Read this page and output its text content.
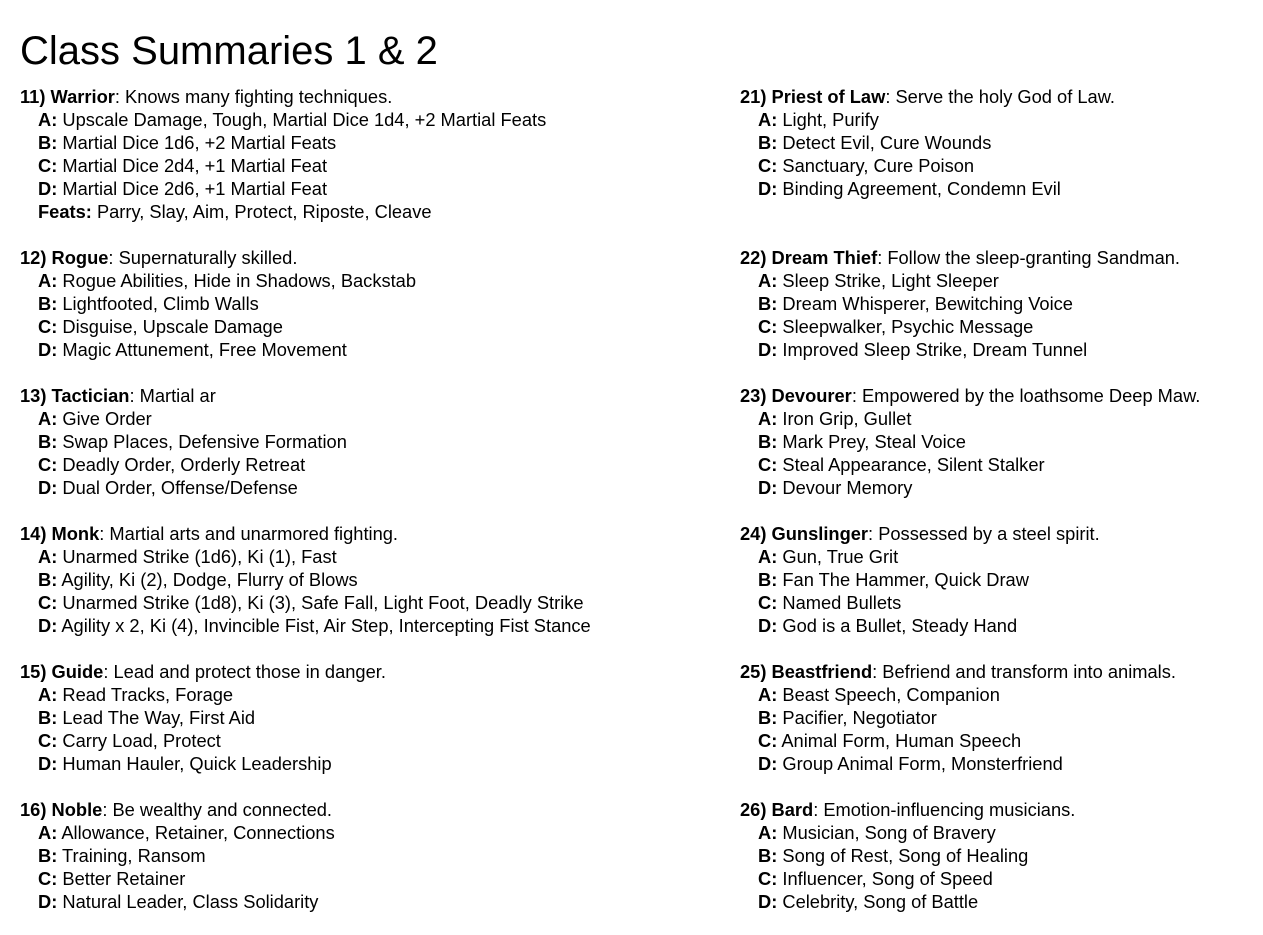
Class Summaries 1 & 2
11) Warrior: Knows many fighting techniques.
A: Upscale Damage, Tough, Martial Dice 1d4, +2 Martial Feats
B: Martial Dice 1d6, +2 Martial Feats
C: Martial Dice 2d4, +1 Martial Feat
D: Martial Dice 2d6, +1 Martial Feat
Feats: Parry, Slay, Aim, Protect, Riposte, Cleave
12) Rogue: Supernaturally skilled.
A: Rogue Abilities, Hide in Shadows, Backstab
B: Lightfooted, Climb Walls
C: Disguise, Upscale Damage
D: Magic Attunement, Free Movement
13) Tactician: Martial ar
A: Give Order
B: Swap Places, Defensive Formation
C: Deadly Order, Orderly Retreat
D: Dual Order, Offense/Defense
14) Monk: Martial arts and unarmored fighting.
A: Unarmed Strike (1d6), Ki (1), Fast
B: Agility, Ki (2), Dodge, Flurry of Blows
C: Unarmed Strike (1d8), Ki (3), Safe Fall, Light Foot, Deadly Strike
D: Agility x 2, Ki (4), Invincible Fist, Air Step, Intercepting Fist Stance
15) Guide: Lead and protect those in danger.
A: Read Tracks, Forage
B: Lead The Way, First Aid
C: Carry Load, Protect
D: Human Hauler, Quick Leadership
16) Noble: Be wealthy and connected.
A: Allowance, Retainer, Connections
B: Training, Ransom
C: Better Retainer
D: Natural Leader, Class Solidarity
21) Priest of Law: Serve the holy God of Law.
A: Light, Purify
B: Detect Evil, Cure Wounds
C: Sanctuary, Cure Poison
D: Binding Agreement, Condemn Evil
22) Dream Thief: Follow the sleep-granting Sandman.
A: Sleep Strike, Light Sleeper
B: Dream Whisperer, Bewitching Voice
C: Sleepwalker, Psychic Message
D: Improved Sleep Strike, Dream Tunnel
23) Devourer: Empowered by the loathsome Deep Maw.
A: Iron Grip, Gullet
B: Mark Prey, Steal Voice
C: Steal Appearance, Silent Stalker
D: Devour Memory
24) Gunslinger: Possessed by a steel spirit.
A: Gun, True Grit
B: Fan The Hammer, Quick Draw
C: Named Bullets
D: God is a Bullet, Steady Hand
25) Beastfriend: Befriend and transform into animals.
A: Beast Speech, Companion
B: Pacifier, Negotiator
C: Animal Form, Human Speech
D: Group Animal Form, Monsterfriend
26) Bard: Emotion-influencing musicians.
A: Musician, Song of Bravery
B: Song of Rest, Song of Healing
C: Influencer, Song of Speed
D: Celebrity, Song of Battle
